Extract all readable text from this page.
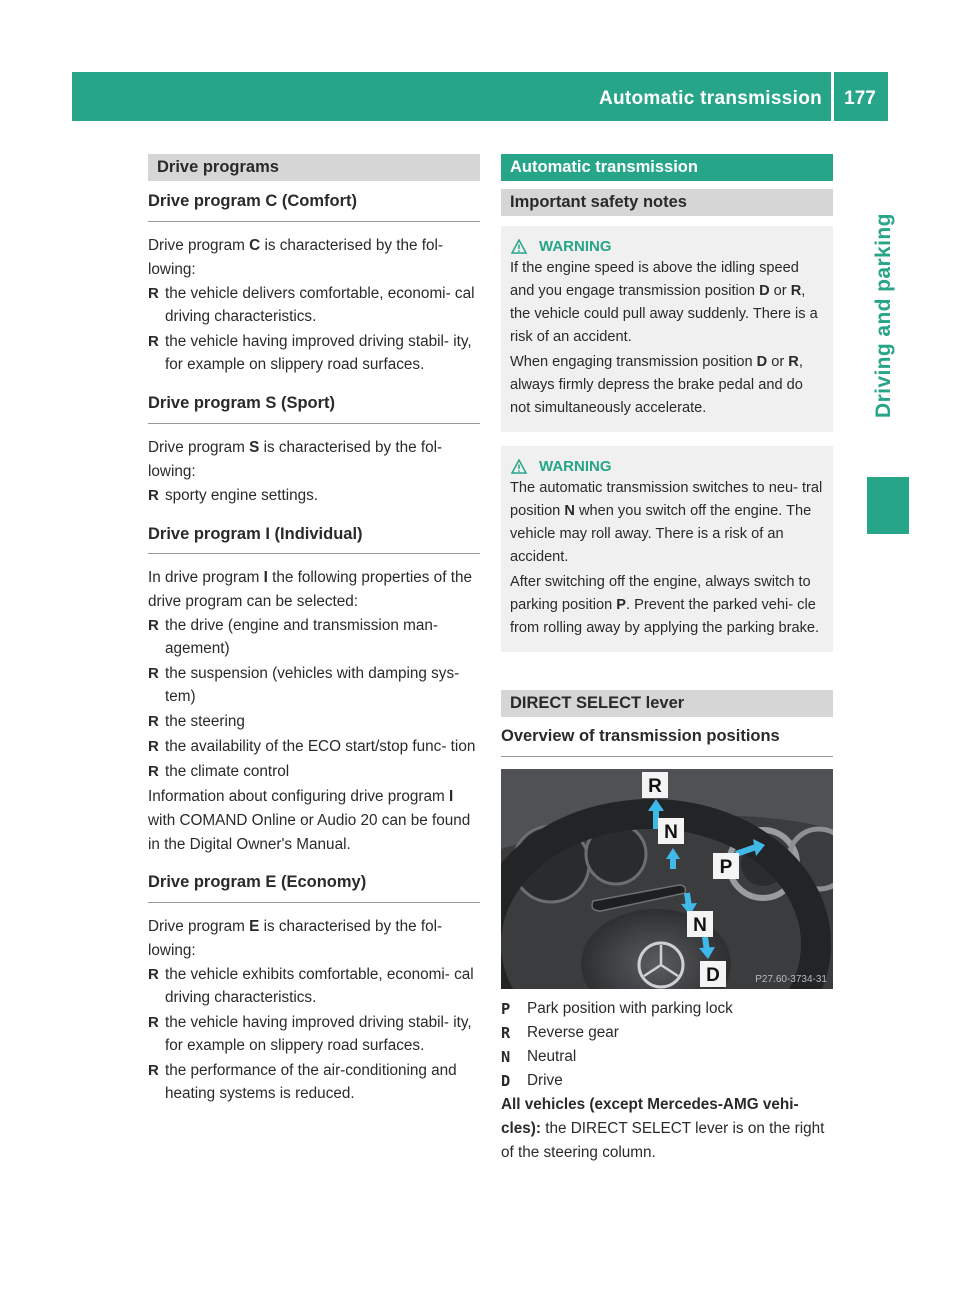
Automatic transmission 177
Driving and parking
Drive programs
Drive program C (Comfort)

Drive program C is characterised by the fol- lowing:

R the vehicle delivers comfortable, economi- cal driving characteristics.
R the vehicle having improved driving stabil- ity, for example on slippery road surfaces.
Drive program S (Sport)

Drive program S is characterised by the fol- lowing:

R sporty engine settings.
Drive program I (Individual)

In drive program I the following properties of the drive program can be selected:

R the drive (engine and transmission man- agement)
R the suspension (vehicles with damping sys- tem)
R the steering
R the availability of the ECO start/stop func- tion
R the climate control

Information about configuring drive program I with COMAND Online or Audio 20 can be found in the Digital Owner's Manual.

Drive program E (Economy)

Drive program E is characterised by the fol- lowing:

R the vehicle exhibits comfortable, economi- cal driving characteristics.
R the vehicle having improved driving stabil- ity, for example on slippery road surfaces.
R the performance of the air-conditioning and heating systems is reduced.
Automatic transmission
Important safety notes
WARNING

If the engine speed is above the idling speed and you engage transmission position D or R, the vehicle could pull away suddenly. There is a risk of an accident.

When engaging transmission position D or R, always firmly depress the brake pedal and do not simultaneously accelerate.

WARNING

The automatic transmission switches to neu- tral position N when you switch off the engine. The vehicle may roll away. There is a risk of an accident.

After switching off the engine, always switch to parking position P. Prevent the parked vehi- cle from rolling away by applying the parking brake.

DIRECT SELECT lever
Overview of transmission positions
R
N
P
N
D	P27.60-3734-31
P	Park position with parking lock
R	Reverse gear
N	Neutral
D	Drive

All vehicles (except Mercedes-AMG vehi- cles): the DIRECT SELECT lever is on the right of the steering column.
